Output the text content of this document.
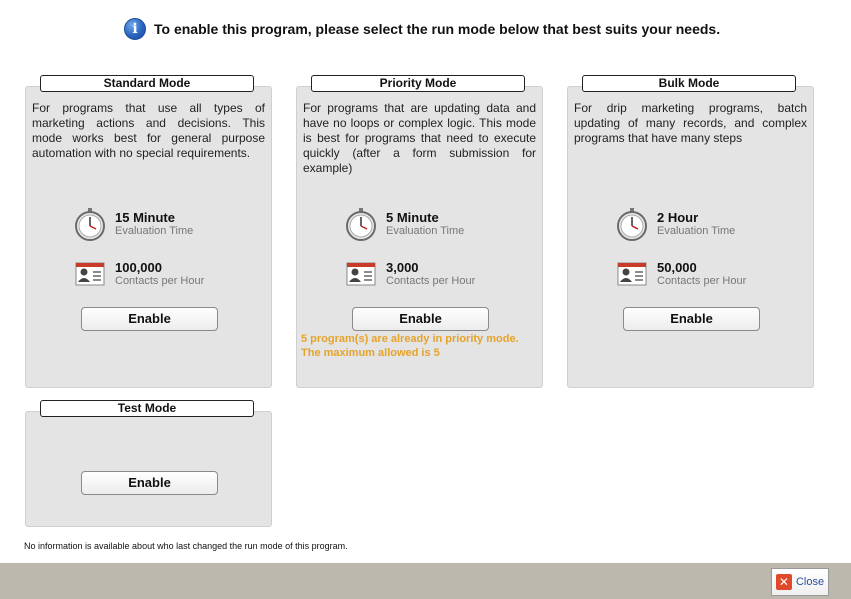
i	To enable this program, please select the run mode below that best suits your needs.
For programs that use all types of marketing actions and decisions. This mode works best for general purpose automation with no special requirements.
15 Minute
Evaluation Time
100,000
Contacts per Hour
Enable
Standard Mode
For programs that are updating data and have no loops or complex logic. This mode is best for programs that need to execute quickly (after a form submission for example)
5 Minute
Evaluation Time
3,000
Contacts per Hour
Enable
5 program(s) are already in priority mode.
The maximum allowed is 5
Priority Mode
For drip marketing programs, batch updating of many records, and complex programs that have many steps
2 Hour
Evaluation Time
50,000
Contacts per Hour
Enable
Bulk Mode
Enable
Test Mode
No information is available about who last changed the run mode of this program.
✕ Close
